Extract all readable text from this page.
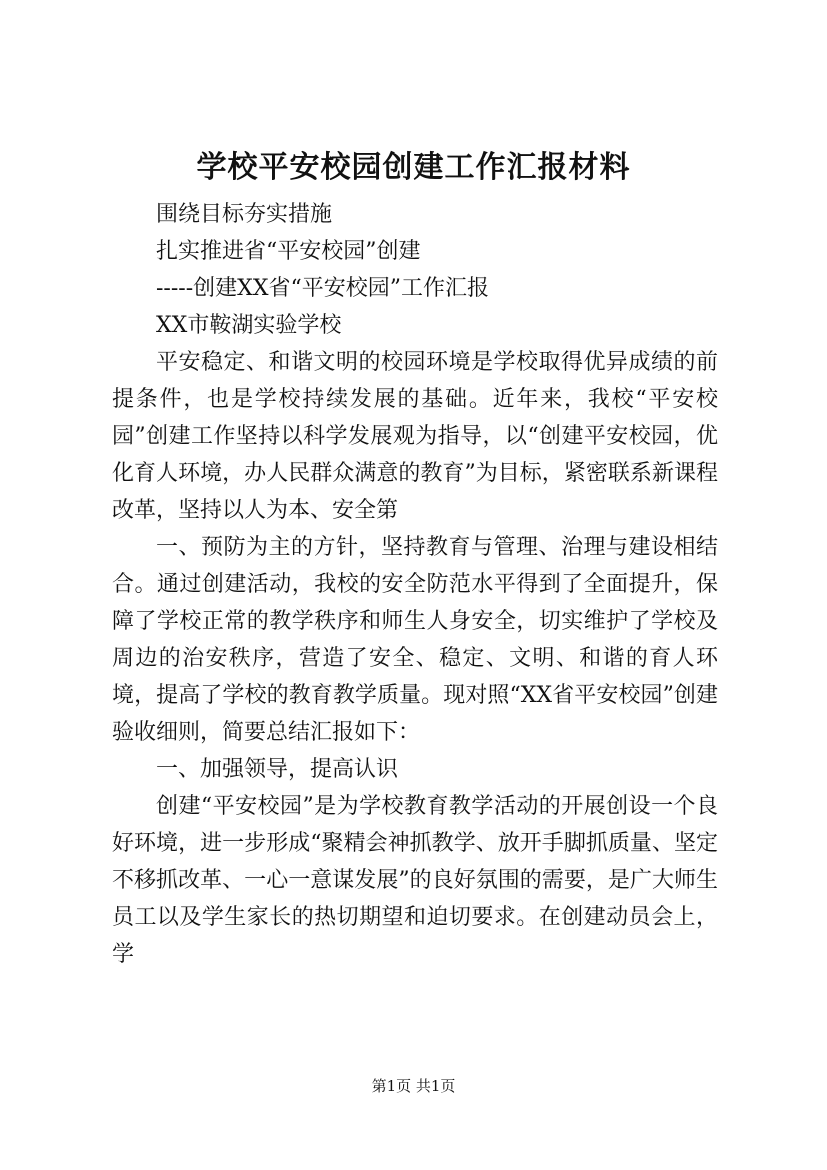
学校平安校园创建工作汇报材料

围绕目标夯实措施

扎实推进省“平安校园”创建

-----创建XX省“平安校园”工作汇报

XX市鞍湖实验学校

平安稳定、和谐文明的校园环境是学校取得优异成绩的前提条件，也是学校持续发展的基础。近年来，我校“平安校园”创建工作坚持以科学发展观为指导，以“创建平安校园，优化育人环境，办人民群众满意的教育”为目标，紧密联系新课程改革，坚持以人为本、安全第

一、预防为主的方针，坚持教育与管理、治理与建设相结合。通过创建活动，我校的安全防范水平得到了全面提升，保障了学校正常的教学秩序和师生人身安全，切实维护了学校及周边的治安秩序，营造了安全、稳定、文明、和谐的育人环境，提高了学校的教育教学质量。现对照“XX省平安校园”创建验收细则，简要总结汇报如下：

一、加强领导，提高认识

创建“平安校园”是为学校教育教学活动的开展创设一个良好环境，进一步形成“聚精会神抓教学、放开手脚抓质量、坚定不移抓改革、一心一意谋发展”的良好氛围的需要，是广大师生员工以及学生家长的热切期望和迫切要求。在创建动员会上，学

第1页 共1页
